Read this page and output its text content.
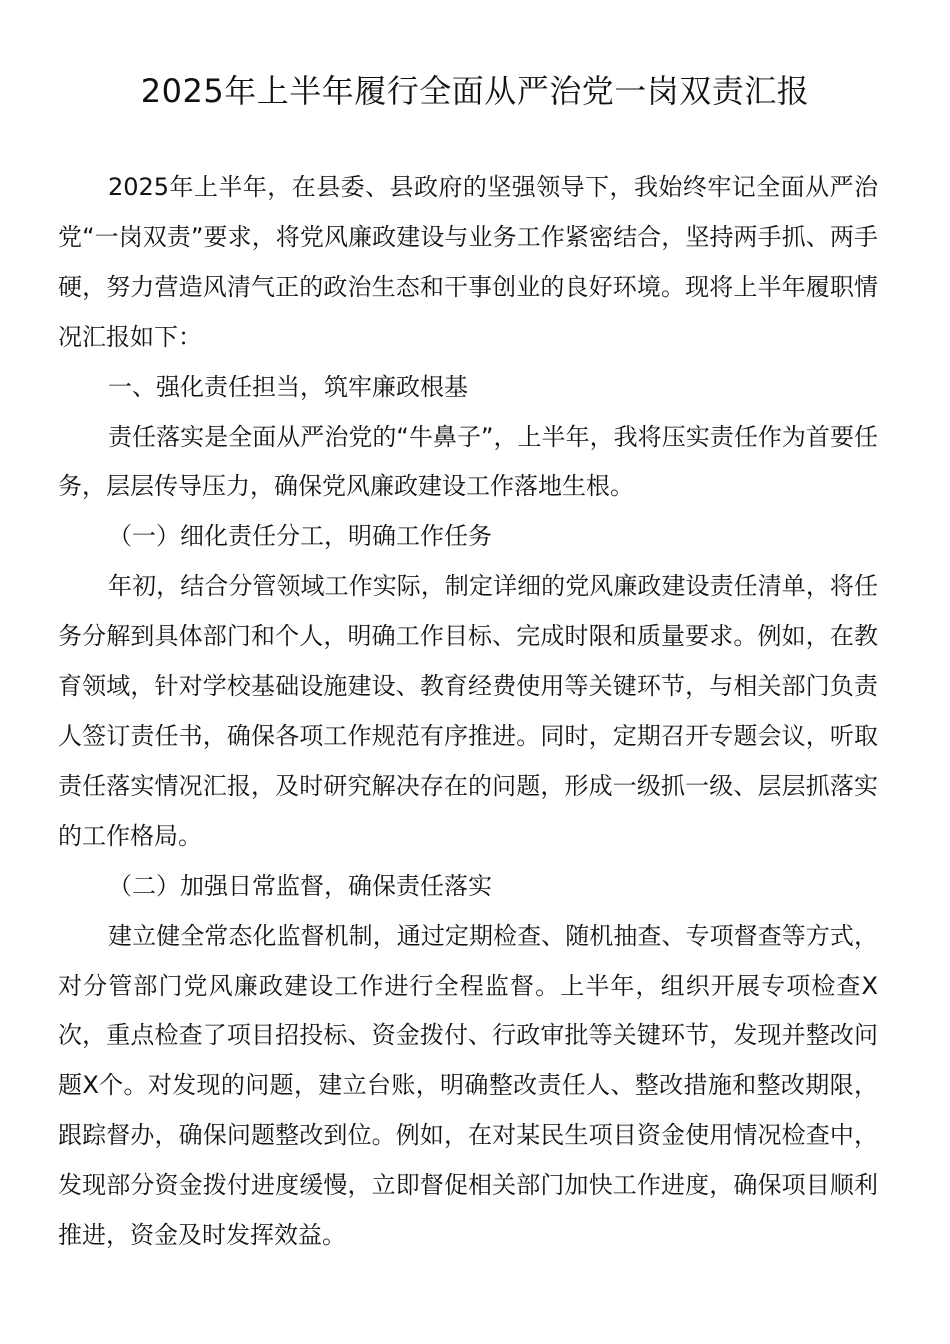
2025年上半年履行全面从严治党一岗双责汇报

2025年上半年，在县委、县政府的坚强领导下，我始终牢记全面从严治党“一岗双责”要求，将党风廉政建设与业务工作紧密结合，坚持两手抓、两手硬，努力营造风清气正的政治生态和干事创业的良好环境。现将上半年履职情况汇报如下：

一、强化责任担当，筑牢廉政根基

责任落实是全面从严治党的“牛鼻子”，上半年，我将压实责任作为首要任务，层层传导压力，确保党风廉政建设工作落地生根。

（一）细化责任分工，明确工作任务

年初，结合分管领域工作实际，制定详细的党风廉政建设责任清单，将任务分解到具体部门和个人，明确工作目标、完成时限和质量要求。例如，在教育领域，针对学校基础设施建设、教育经费使用等关键环节，与相关部门负责人签订责任书，确保各项工作规范有序推进。同时，定期召开专题会议，听取责任落实情况汇报，及时研究解决存在的问题，形成一级抓一级、层层抓落实的工作格局。

（二）加强日常监督，确保责任落实

建立健全常态化监督机制，通过定期检查、随机抽查、专项督查等方式，对分管部门党风廉政建设工作进行全程监督。上半年，组织开展专项检查X次，重点检查了项目招投标、资金拨付、行政审批等关键环节，发现并整改问题X个。对发现的问题，建立台账，明确整改责任人、整改措施和整改期限，跟踪督办，确保问题整改到位。例如，在对某民生项目资金使用情况检查中，发现部分资金拨付进度缓慢，立即督促相关部门加快工作进度，确保项目顺利推进，资金及时发挥效益。
